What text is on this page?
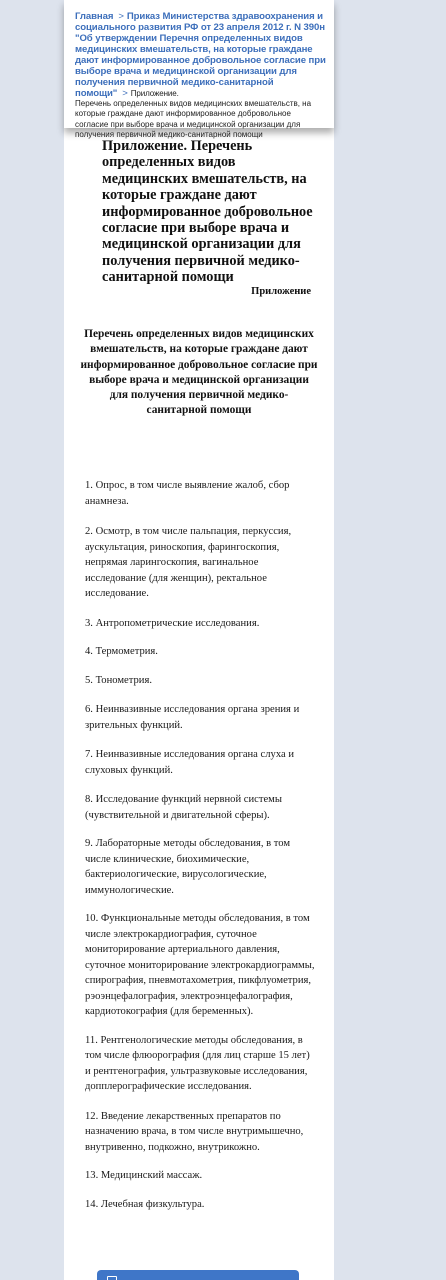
Главная > Приказ Министерства здравоохранения и социального развития РФ от 23 апреля 2012 г. N 390н "Об утверждении Перечня определенных видов медицинских вмешательств, на которые граждане дают информированное добровольное согласие при выборе врача и медицинской организации для получения первичной медико-санитарной помощи" > Приложение.
Перечень определенных видов медицинских вмешательств, на которые граждане дают информированное добровольное согласие при выборе врача и медицинской организации для получения первичной медико-санитарной помощи
Приложение. Перечень определенных видов медицинских вмешательств, на которые граждане дают информированное добровольное согласие при выборе врача и медицинской организации для получения первичной медико-санитарной помощи
Приложение
Перечень определенных видов медицинских вмешательств, на которые граждане дают информированное добровольное согласие при выборе врача и медицинской организации для получения первичной медико-санитарной помощи
1. Опрос, в том числе выявление жалоб, сбор анамнеза.
2. Осмотр, в том числе пальпация, перкуссия, аускультация, риноскопия, фарингоскопия, непрямая ларингоскопия, вагинальное исследование (для женщин), ректальное исследование.
3. Антропометрические исследования.
4. Термометрия.
5. Тонометрия.
6. Неинвазивные исследования органа зрения и зрительных функций.
7. Неинвазивные исследования органа слуха и слуховых функций.
8. Исследование функций нервной системы (чувствительной и двигательной сферы).
9. Лабораторные методы обследования, в том числе клинические, биохимические, бактериологические, вирусологические, иммунологические.
10. Функциональные методы обследования, в том числе электрокардиография, суточное мониторирование артериального давления, суточное мониторирование электрокардиограммы, спирография, пневмотахометрия, пикфлуометрия, рэоэнцефалография, электроэнцефалография, кардиотокография (для беременных).
11. Рентгенологические методы обследования, в том числе флюорография (для лиц старше 15 лет) и рентгенография, ультразвуковые исследования, допплерографические исследования.
12. Введение лекарственных препаратов по назначению врача, в том числе внутримышечно, внутривенно, подкожно, внутрикожно.
13. Медицинский массаж.
14. Лечебная физкультура.
